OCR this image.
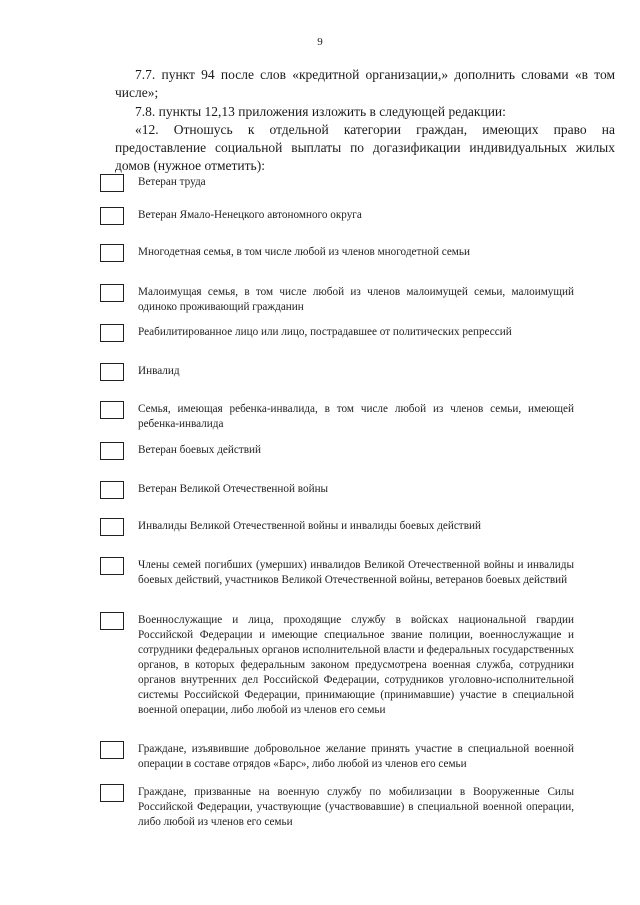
9
7.7. пункт 94 после слов «кредитной организации,» дополнить словами «в том числе»;
7.8. пункты 12,13 приложения изложить в следующей редакции:
«12. Отношусь к отдельной категории граждан, имеющих право на предоставление социальной выплаты по догазификации индивидуальных жилых домов (нужное отметить):
Ветеран труда
Ветеран Ямало-Ненецкого автономного округа
Многодетная семья, в том числе любой из членов многодетной семьи
Малоимущая семья, в том числе любой из членов малоимущей семьи, малоимущий одиноко проживающий гражданин
Реабилитированное лицо или лицо, пострадавшее от политических репрессий
Инвалид
Семья, имеющая ребенка-инвалида, в том числе любой из членов семьи, имеющей ребенка-инвалида
Ветеран боевых действий
Ветеран Великой Отечественной войны
Инвалиды Великой Отечественной войны и инвалиды боевых действий
Члены семей погибших (умерших) инвалидов Великой Отечественной войны и инвалиды боевых действий, участников Великой Отечественной войны, ветеранов боевых действий
Военнослужащие и лица, проходящие службу в войсках национальной гвардии Российской Федерации и имеющие специальное звание полиции, военнослужащие и сотрудники федеральных органов исполнительной власти и федеральных государственных органов, в которых федеральным законом предусмотрена военная служба, сотрудники органов внутренних дел Российской Федерации, сотрудников уголовно-исполнительной системы Российской Федерации, принимающие (принимавшие) участие в специальной военной операции, либо любой из членов его семьи
Граждане, изъявившие добровольное желание принять участие в специальной военной операции в составе отрядов «Барс», либо любой из членов его семьи
Граждане, призванные на военную службу по мобилизации в Вооруженные Силы Российской Федерации, участвующие (участвовавшие) в специальной военной операции, либо любой из членов его семьи
